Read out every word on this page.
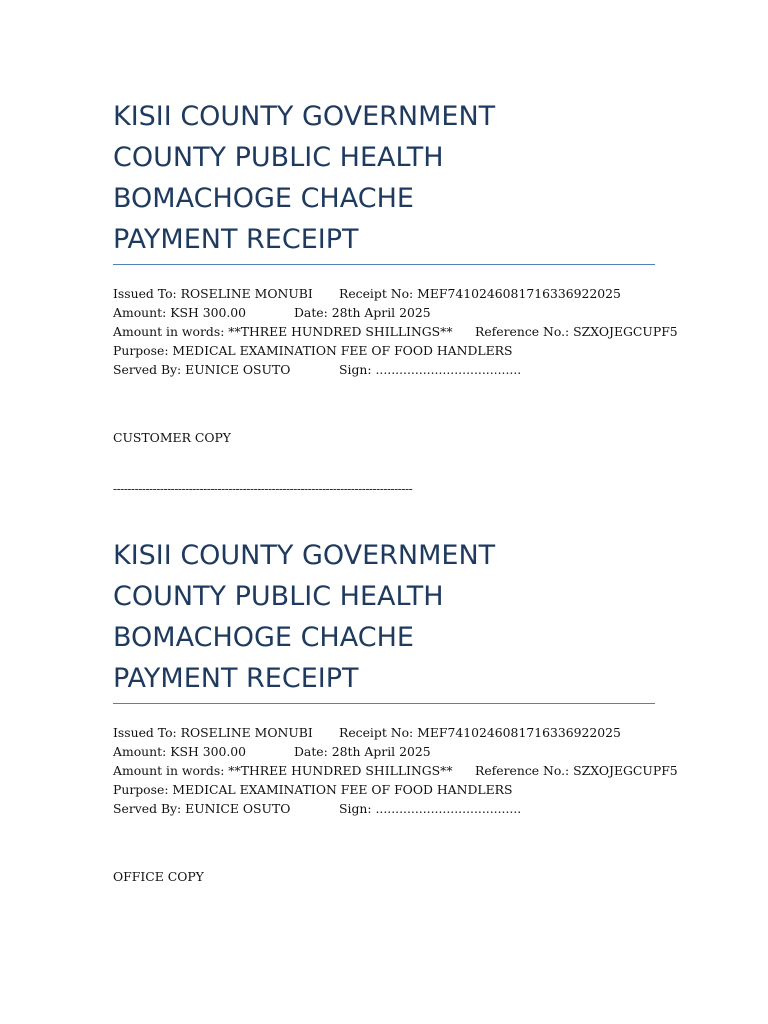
KISII COUNTY GOVERNMENT
COUNTY PUBLIC HEALTH
BOMACHOGE CHACHE
PAYMENT RECEIPT
Issued To: ROSELINE MONUBI Receipt No: MEF7410246081716336922025
Amount: KSH 300.00	Date: 28th April 2025
Amount in words: **THREE HUNDRED SHILLINGS** Reference No.: SZXOJEGCUPF5
Purpose: MEDICAL EXAMINATION FEE OF FOOD HANDLERS
Served By: EUNICE OSUTO	Sign: .....................................
CUSTOMER COPY
-----------------------------------------------------------------------------------
KISII COUNTY GOVERNMENT
COUNTY PUBLIC HEALTH
BOMACHOGE CHACHE
PAYMENT RECEIPT
Issued To: ROSELINE MONUBI Receipt No: MEF7410246081716336922025
Amount: KSH 300.00	Date: 28th April 2025
Amount in words: **THREE HUNDRED SHILLINGS** Reference No.: SZXOJEGCUPF5
Purpose: MEDICAL EXAMINATION FEE OF FOOD HANDLERS
Served By: EUNICE OSUTO	Sign: .....................................
OFFICE COPY
